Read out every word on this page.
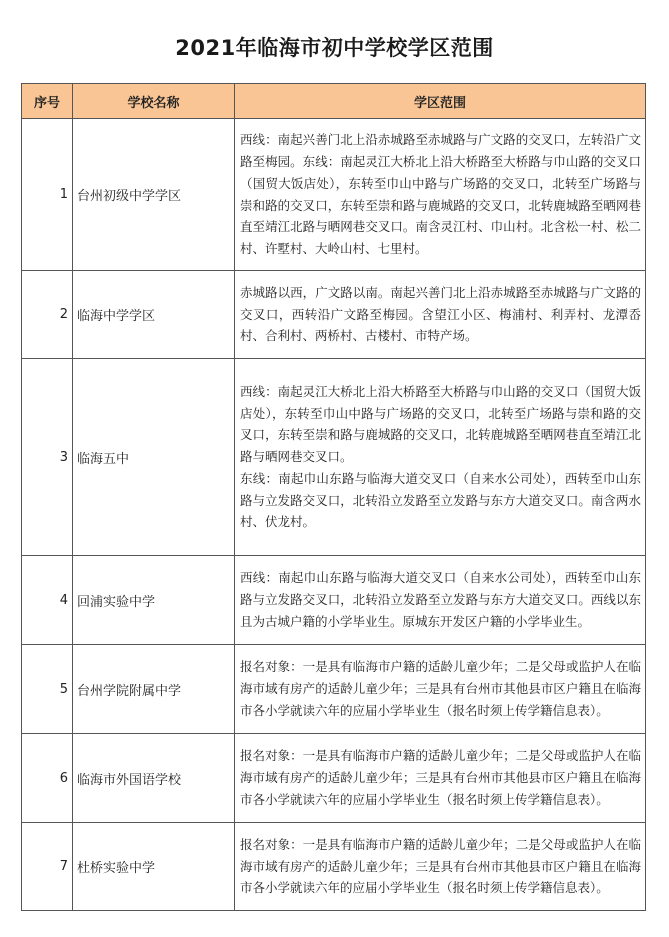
2021年临海市初中学校学区范围
序号	学校名称	学区范围
1	台州初级中学学区	西线：南起兴善门北上沿赤城路至赤城路与广文路的交叉口，左转沿广文路至梅园。东线：南起灵江大桥北上沿大桥路至大桥路与巾山路的交叉口（国贸大饭店处），东转至巾山中路与广场路的交叉口，北转至广场路与崇和路的交叉口，东转至崇和路与鹿城路的交叉口，北转鹿城路至晒网巷直至靖江北路与晒网巷交叉口。南含灵江村、巾山村。北含松一村、松二村、许墅村、大岭山村、七里村。

2	临海中学学区	赤城路以西，广文路以南。南起兴善门北上沿赤城路至赤城路与广文路的交叉口，西转沿广文路至梅园。含望江小区、梅浦村、利弄村、龙潭岙村、合利村、两桥村、古楼村、市特产场。

3	临海五中	西线：南起灵江大桥北上沿大桥路至大桥路与巾山路的交叉口（国贸大饭店处），东转至巾山中路与广场路的交叉口，北转至广场路与崇和路的交叉口，东转至崇和路与鹿城路的交叉口，北转鹿城路至晒网巷直至靖江北路与晒网巷交叉口。
东线：南起巾山东路与临海大道交叉口（自来水公司处），西转至巾山东路与立发路交叉口，北转沿立发路至立发路与东方大道交叉口。南含两水村、伏龙村。

4	回浦实验中学	西线：南起巾山东路与临海大道交叉口（自来水公司处），西转至巾山东路与立发路交叉口，北转沿立发路至立发路与东方大道交叉口。西线以东且为古城户籍的小学毕业生。原城东开发区户籍的小学毕业生。

5	台州学院附属中学	报名对象：一是具有临海市户籍的适龄儿童少年；二是父母或监护人在临海市域有房产的适龄儿童少年；三是具有台州市其他县市区户籍且在临海市各小学就读六年的应届小学毕业生（报名时须上传学籍信息表）。

6	临海市外国语学校	报名对象：一是具有临海市户籍的适龄儿童少年；二是父母或监护人在临海市域有房产的适龄儿童少年；三是具有台州市其他县市区户籍且在临海市各小学就读六年的应届小学毕业生（报名时须上传学籍信息表）。

7	杜桥实验中学	报名对象：一是具有临海市户籍的适龄儿童少年；二是父母或监护人在临海市域有房产的适龄儿童少年；三是具有台州市其他县市区户籍且在临海市各小学就读六年的应届小学毕业生（报名时须上传学籍信息表）。
